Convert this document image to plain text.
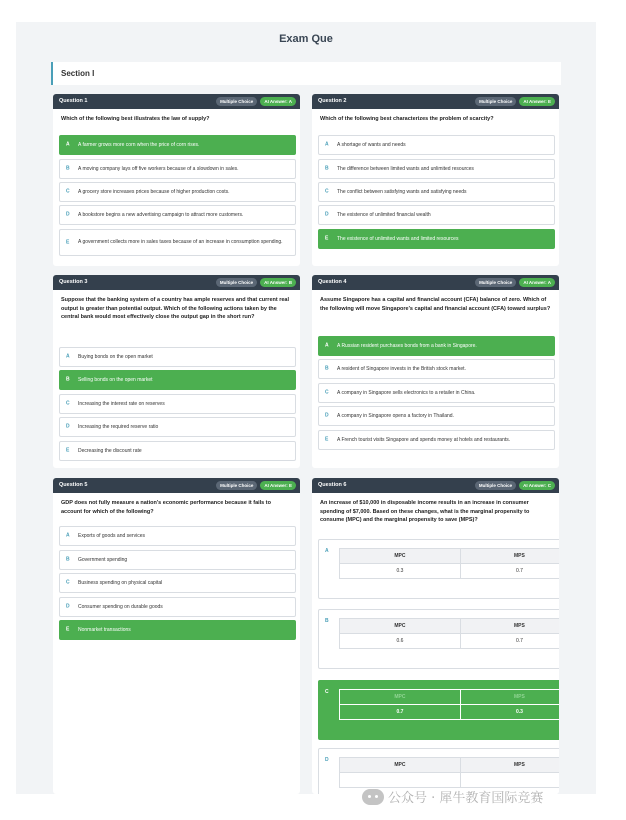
Exam Que
Section I
Question 1	Multiple Choice	AI Answer: A
Which of the following best illustrates the law of supply?
A A farmer grows more corn when the price of corn rises.
B A moving company lays off five workers because of a slowdown in sales.
C A grocery store increases prices because of higher production costs.
D A bookstore begins a new advertising campaign to attract more customers.
E A government collects more in sales taxes because of an increase in consumption spending.
Question 2	Multiple Choice	AI Answer: E
Which of the following best characterizes the problem of scarcity?
A A shortage of wants and needs
B The difference between limited wants and unlimited resources
C The conflict between satisfying wants and satisfying needs
D The existence of unlimited financial wealth
E The existence of unlimited wants and limited resources
Question 3	Multiple Choice	AI Answer: B
Suppose that the banking system of a country has ample reserves and that current real output is greater than potential output. Which of the following actions taken by the central bank would most effectively close the output gap in the short run?
A Buying bonds on the open market
B Selling bonds on the open market
C Increasing the interest rate on reserves
D Increasing the required reserve ratio
E Decreasing the discount rate
Question 4	Multiple Choice	AI Answer: A
Assume Singapore has a capital and financial account (CFA) balance of zero. Which of the following will move Singapore's capital and financial account (CFA) toward surplus?
A A Russian resident purchases bonds from a bank in Singapore.
B A resident of Singapore invests in the British stock market.
C A company in Singapore sells electronics to a retailer in China.
D A company in Singapore opens a factory in Thailand.
E A French tourist visits Singapore and spends money at hotels and restaurants.
Question 5	Multiple Choice	AI Answer: E
GDP does not fully measure a nation's economic performance because it fails to account for which of the following?
A Exports of goods and services
B Government spending
C Business spending on physical capital
D Consumer spending on durable goods
E Nonmarket transactions
Question 6	Multiple Choice	AI Answer: C
An increase of $10,000 in disposable income results in an increase in consumer spending of $7,000. Based on these changes, what is the marginal propensity to consume (MPC) and the marginal propensity to save (MPS)?
A
MPC	MPS
0.3	0.7
B
MPC	MPS
0.6	0.7
C
MPC	MPS
0.7	0.3
D
MPC	MPS

公众号 · 犀牛教育国际竞赛
